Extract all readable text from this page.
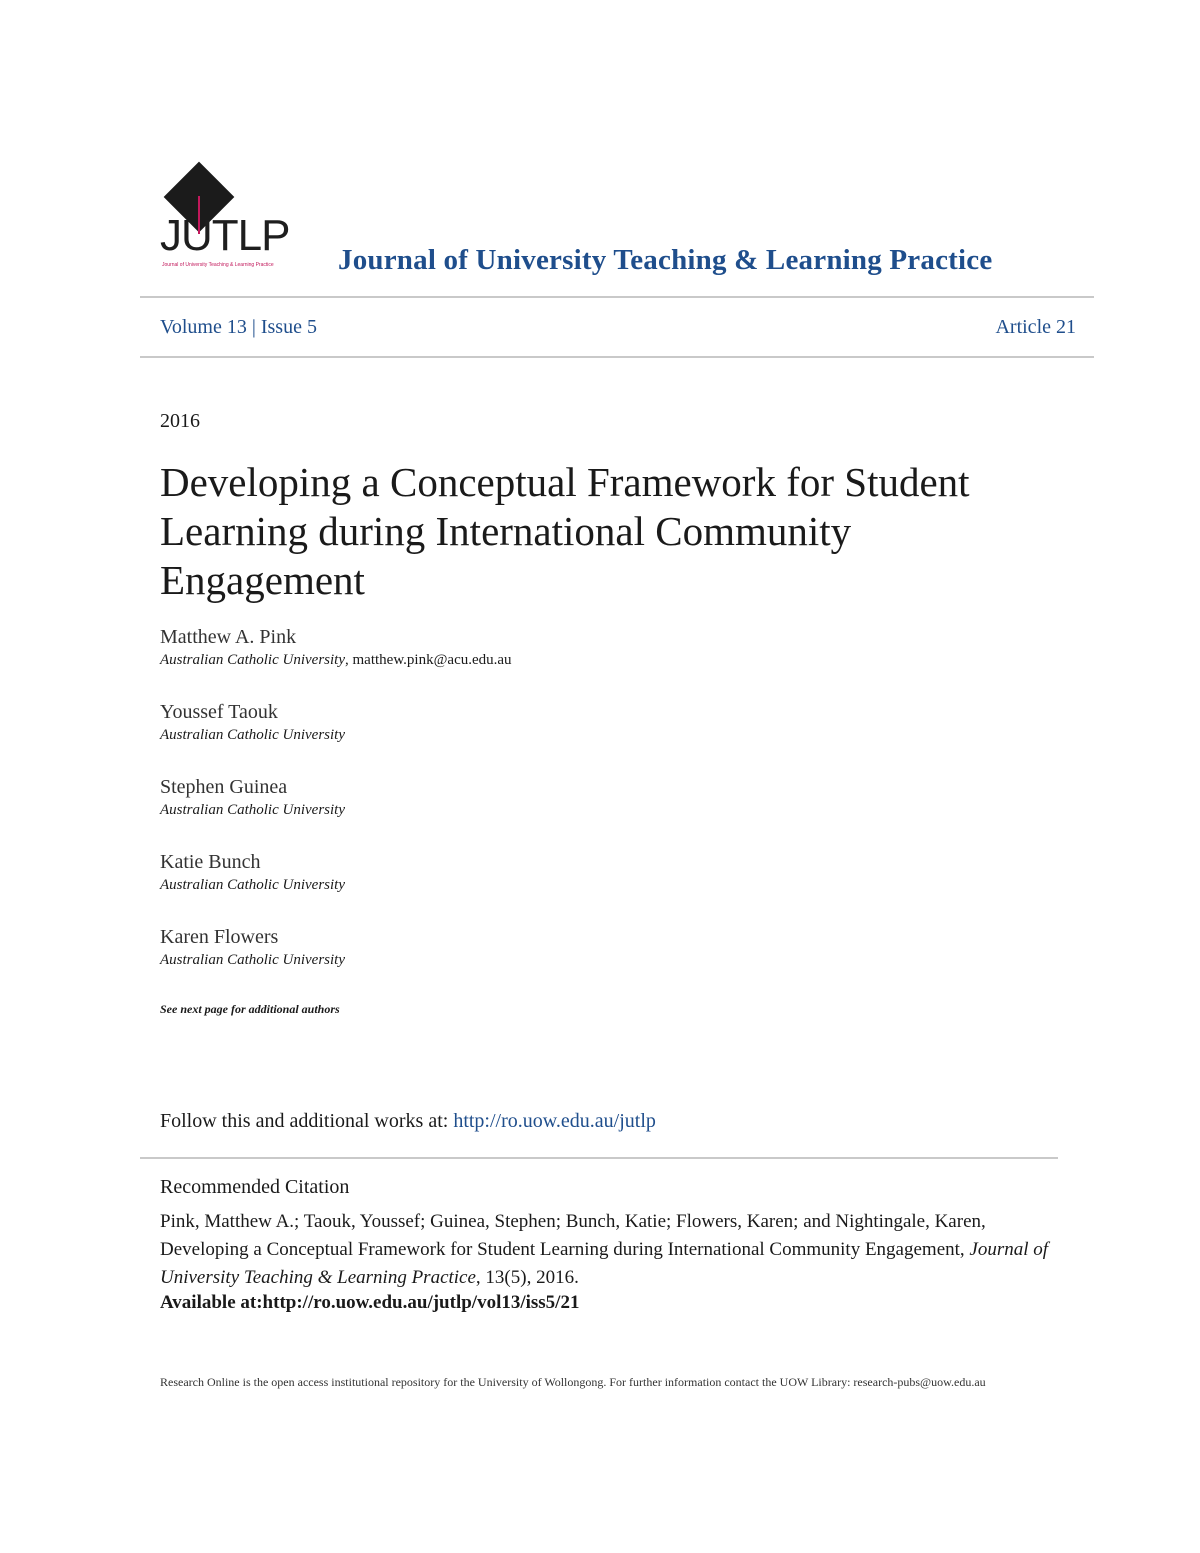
JUTLP
Journal of University Teaching & Learning Practice Journal of University Teaching & Learning Practice
Volume 13 | Issue 5	Article 21
2016
Developing a Conceptual Framework for Student Learning during International Community Engagement
Matthew A. Pink
Australian Catholic University, matthew.pink@acu.edu.au
Youssef Taouk
Australian Catholic University
Stephen Guinea
Australian Catholic University
Katie Bunch
Australian Catholic University
Karen Flowers
Australian Catholic University
See next page for additional authors
Follow this and additional works at: http://ro.uow.edu.au/jutlp
Recommended Citation
Pink, Matthew A.; Taouk, Youssef; Guinea, Stephen; Bunch, Katie; Flowers, Karen; and Nightingale, Karen, Developing a Conceptual Framework for Student Learning during International Community Engagement, Journal of University Teaching & Learning Practice, 13(5), 2016.
Available at:http://ro.uow.edu.au/jutlp/vol13/iss5/21
Research Online is the open access institutional repository for the University of Wollongong. For further information contact the UOW Library: research-pubs@uow.edu.au
